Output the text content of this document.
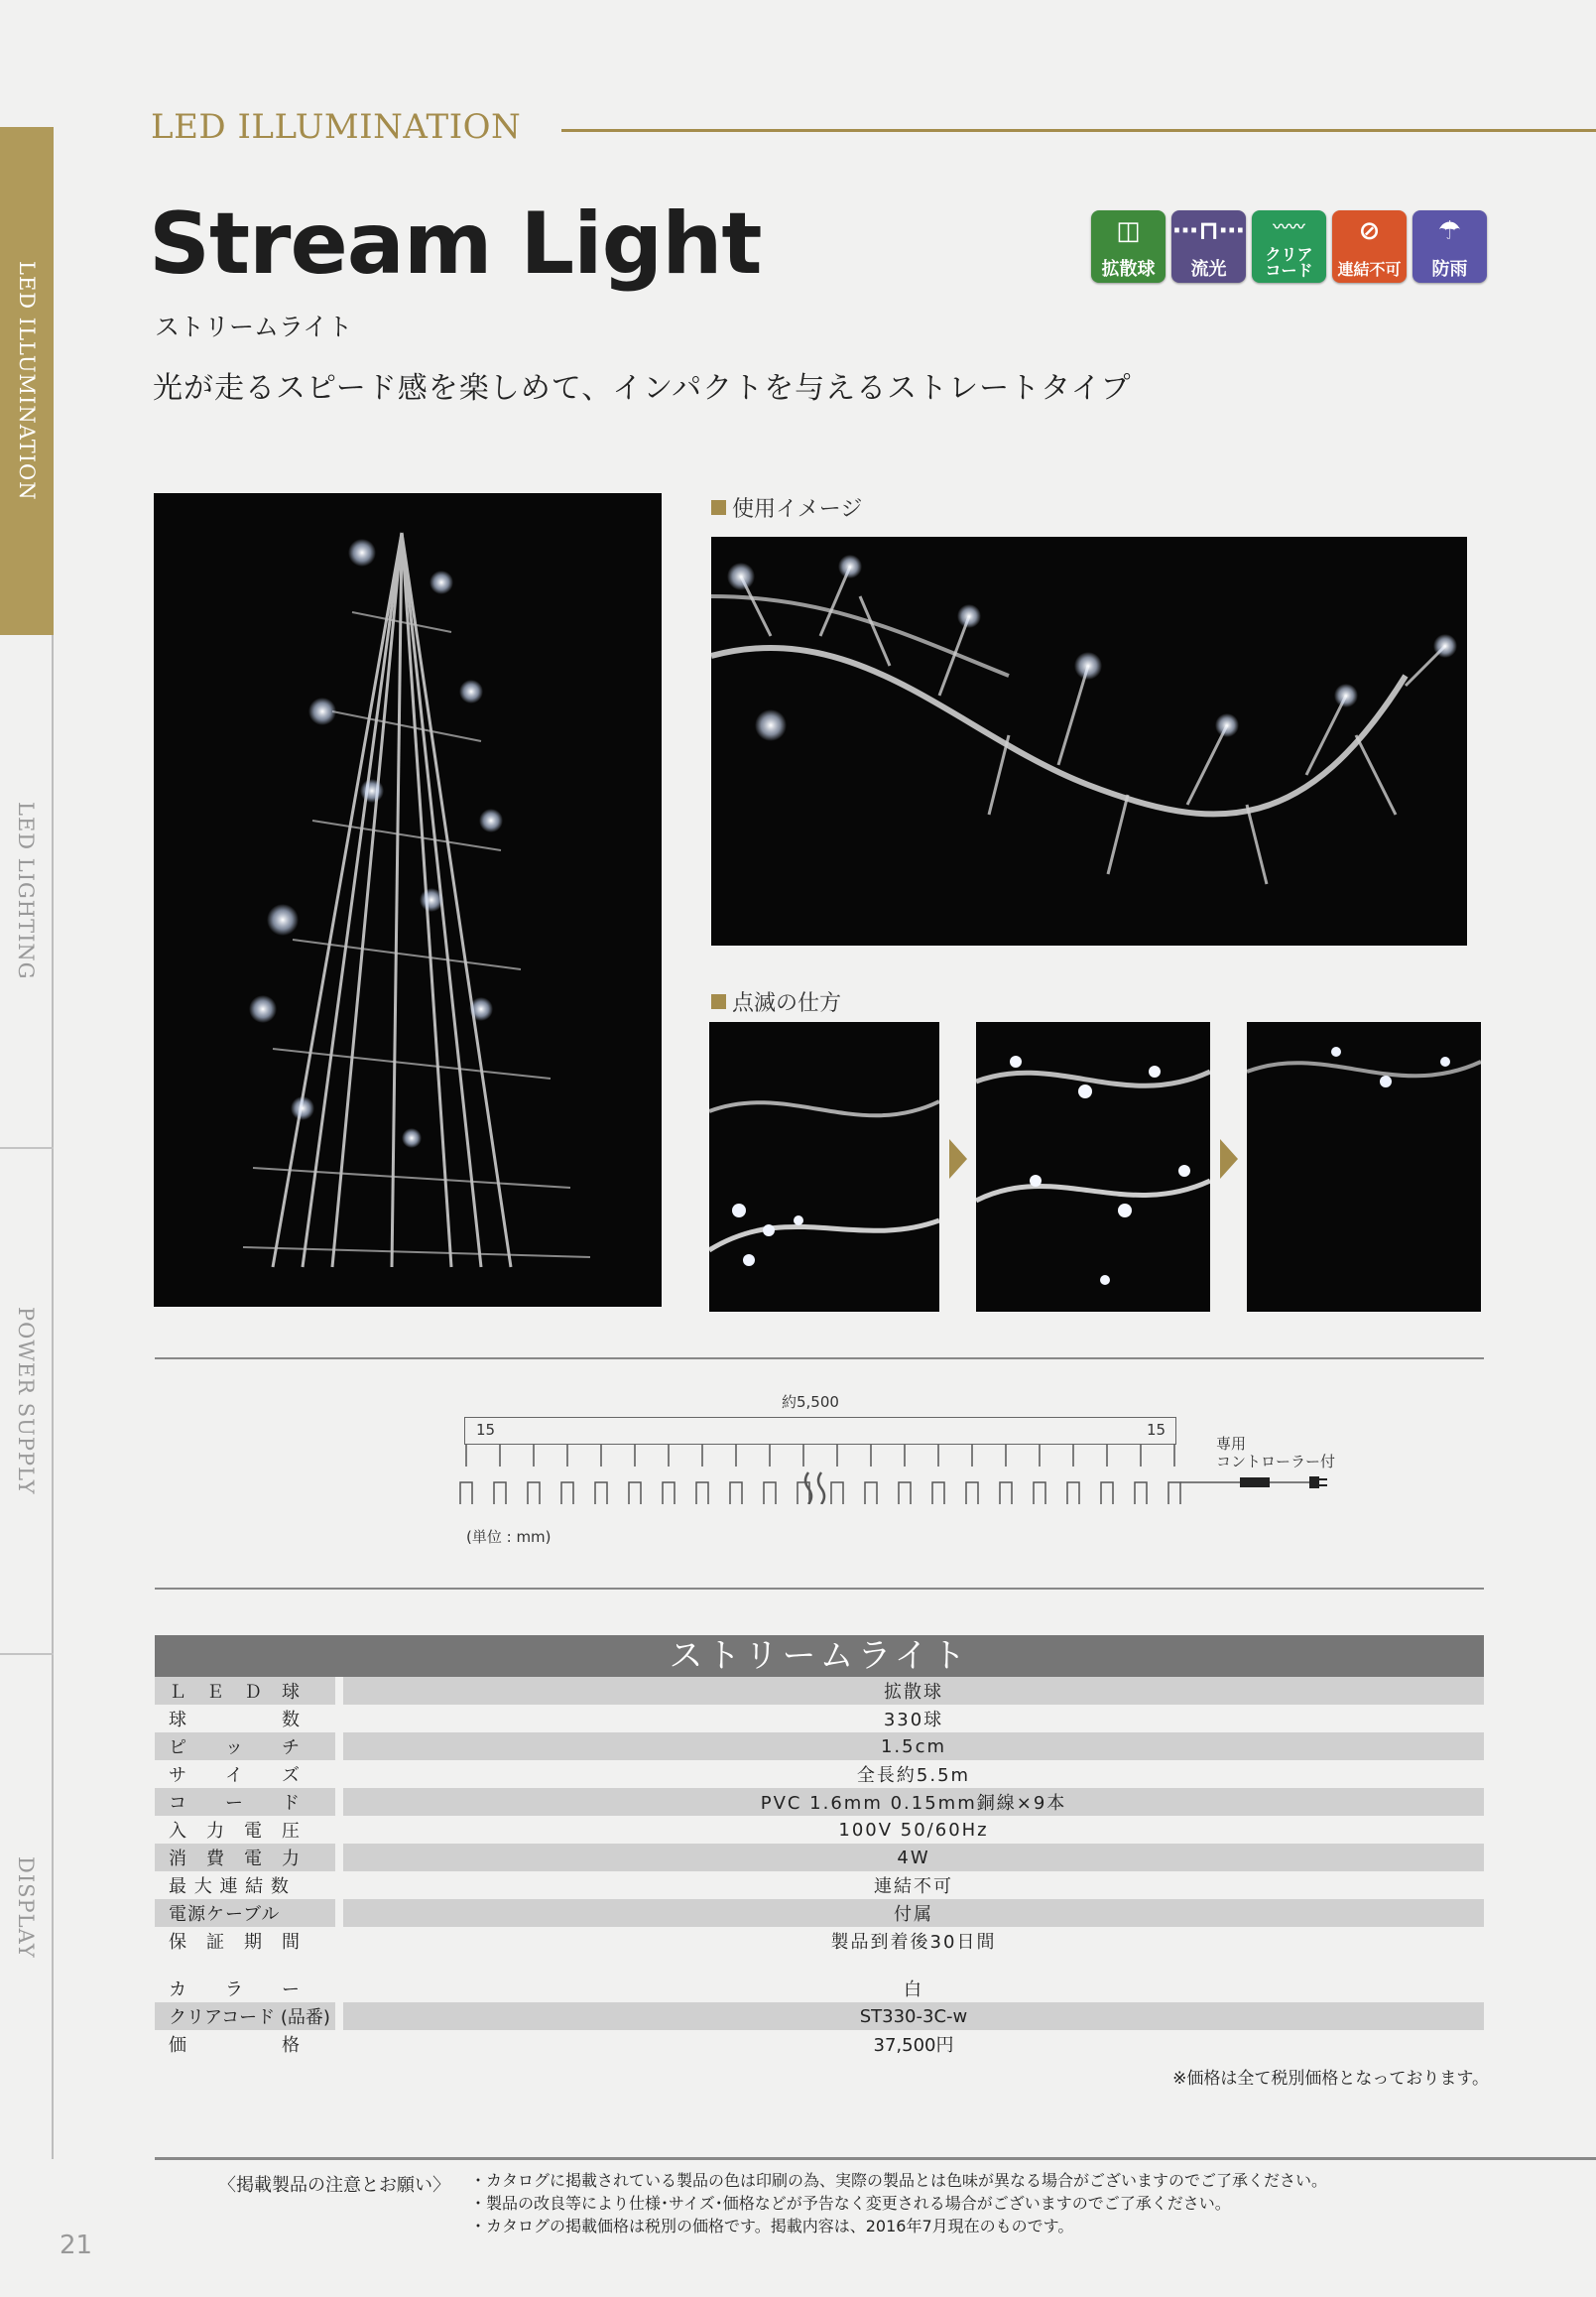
LED ILLUMINATION
LED LIGHTING
POWER SUPPLY
DISPLAY
LED ILLUMINATION
Stream Light
ストリームライト
光が走るスピード感を楽しめて、インパクトを与えるストレートタイプ
◫
拡散球
⋯⊓⋯
流光
〰〰
クリア
コード
⊘
連結不可
☂
防雨
使用イメージ
点滅の仕方
約5,500
15	15
専用
コントローラー付
(単位 : mm)
ストリームライト
Ｌ　Ｅ　Ｄ　球		拡散球
球　　　　　数		330球
ピ　　ッ　　チ		1.5cm
サ　　イ　　ズ		全長約5.5m
コ　　ー　　ド		PVC 1.6mm 0.15mm銅線×9本
入　力　電　圧		100V 50/60Hz
消　費　電　力		4W
最 大 連 結 数		連結不可
電源ケーブル		付属
保　証　期　間		製品到着後30日間

カ　　ラ　　ー		白
クリアコード (品番)		ST330-3C-w
価　　　　　格		37,500円
※価格は全て税別価格となっております。
〈掲載製品の注意とお願い〉 ・カタログに掲載されている製品の色は印刷の為、実際の製品とは色味が異なる場合がございますのでご了承ください。
・製品の改良等により仕様･サイズ･価格などが予告なく変更される場合がございますのでご了承ください。
・カタログの掲載価格は税別の価格です。掲載内容は、2016年7月現在のものです。
21
